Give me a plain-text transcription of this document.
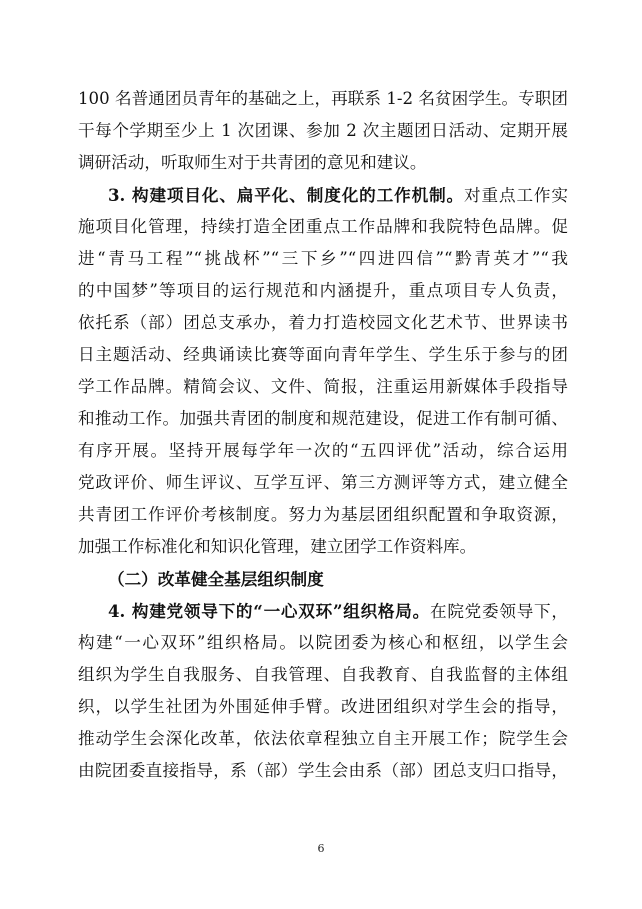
100 名普通团员青年的基础之上，再联系 1-2 名贫困学生。专职团
干每个学期至少上 1 次团课、参加 2 次主题团日活动、定期开展
调研活动，听取师生对于共青团的意见和建议。
3. 构建项目化、扁平化、制度化的工作机制。对重点工作实
施项目化管理，持续打造全团重点工作品牌和我院特色品牌。促
进“青马工程”“挑战杯”“三下乡”“四进四信”“黔青英才”“我
的中国梦”等项目的运行规范和内涵提升，重点项目专人负责，
依托系（部）团总支承办，着力打造校园文化艺术节、世界读书
日主题活动、经典诵读比赛等面向青年学生、学生乐于参与的团
学工作品牌。精简会议、文件、简报，注重运用新媒体手段指导
和推动工作。加强共青团的制度和规范建设，促进工作有制可循、
有序开展。坚持开展每学年一次的“五四评优”活动，综合运用
党政评价、师生评议、互学互评、第三方测评等方式，建立健全
共青团工作评价考核制度。努力为基层团组织配置和争取资源，
加强工作标准化和知识化管理，建立团学工作资料库。
（二）改革健全基层组织制度
4. 构建党领导下的“一心双环”组织格局。在院党委领导下，
构建“一心双环”组织格局。以院团委为核心和枢纽，以学生会
组织为学生自我服务、自我管理、自我教育、自我监督的主体组
织，以学生社团为外围延伸手臂。改进团组织对学生会的指导，
推动学生会深化改革，依法依章程独立自主开展工作；院学生会
由院团委直接指导，系（部）学生会由系（部）团总支归口指导，
6
